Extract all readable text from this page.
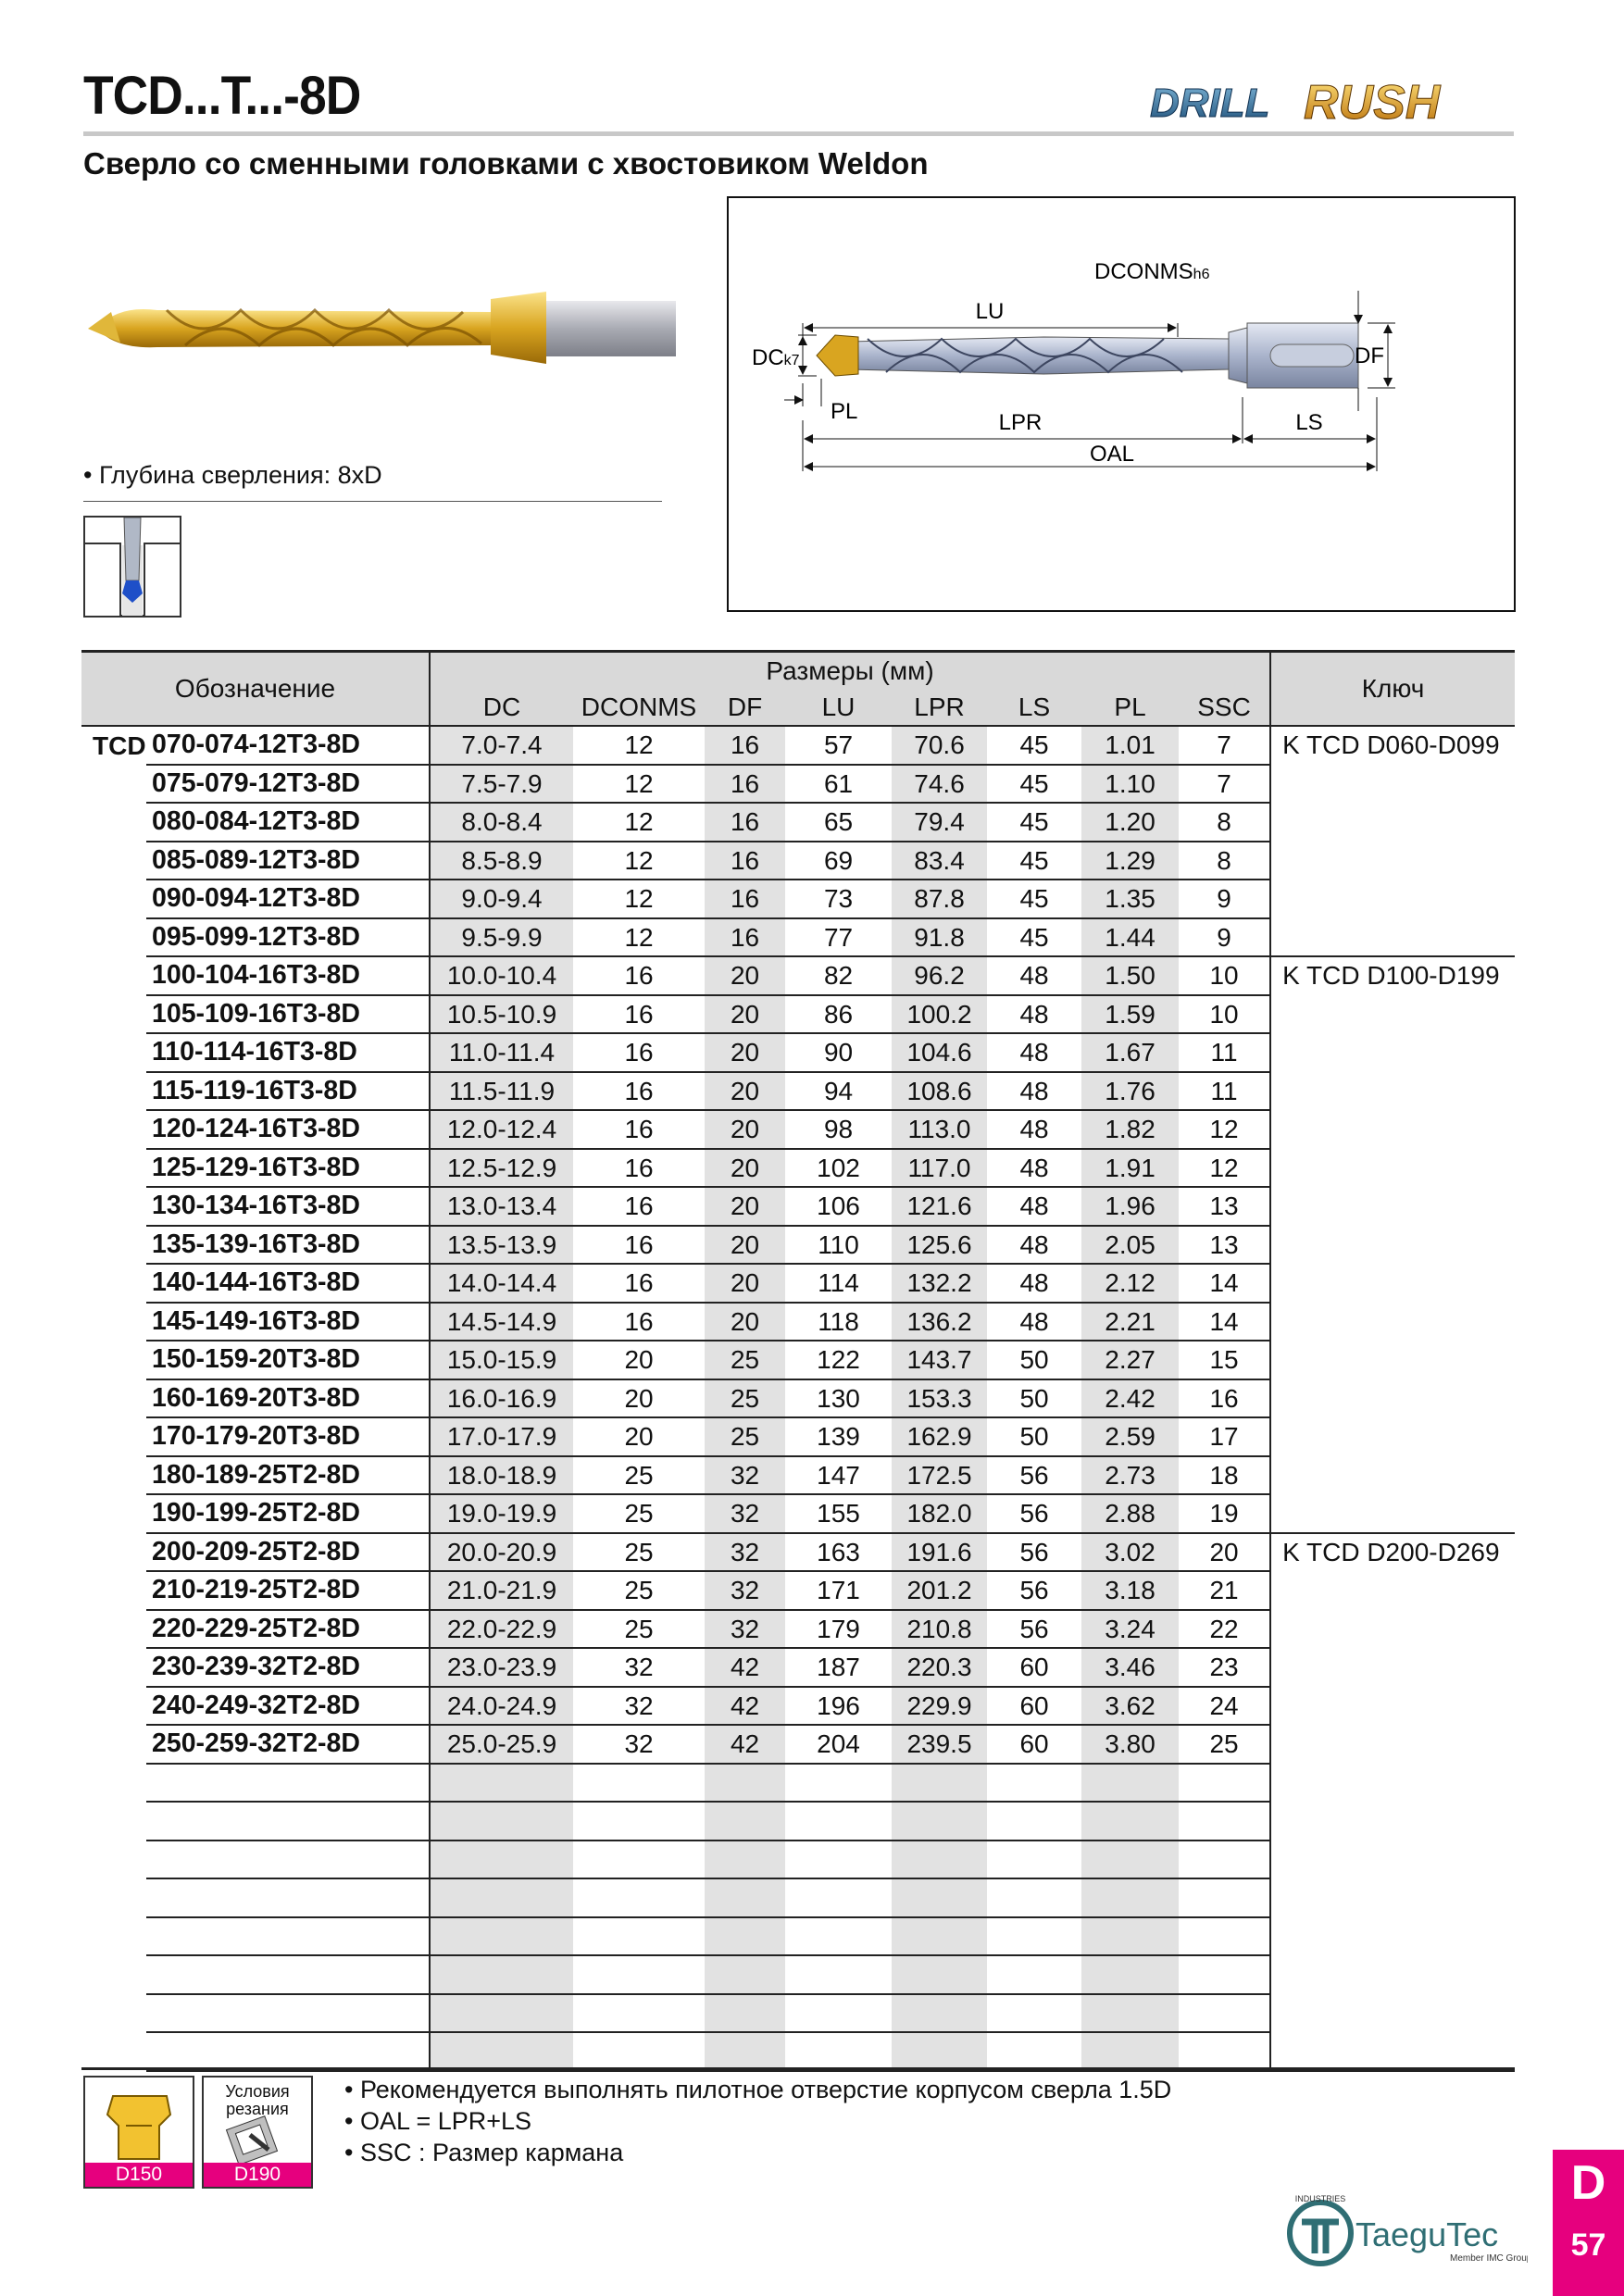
TCD...T...-8D
Сверло со сменными головками с хвостовиком Weldon
DRILL RUSH
• Глубина сверления: 8xD
LU
DCONMSh6
DF
DCk7
PL	LPR	LS
OAL
Обозначение		Размеры (мм)								Ключ
		DC	DCONMS	DF	LU	LPR	LS	PL	SSC	
TCD	070-074-12T3-8D	7.0-7.4	12	16	57	70.6	45	1.01	7	K TCD D060-D099
	075-079-12T3-8D	7.5-7.9	12	16	61	74.6	45	1.10	7	
	080-084-12T3-8D	8.0-8.4	12	16	65	79.4	45	1.20	8	
	085-089-12T3-8D	8.5-8.9	12	16	69	83.4	45	1.29	8	
	090-094-12T3-8D	9.0-9.4	12	16	73	87.8	45	1.35	9	
	095-099-12T3-8D	9.5-9.9	12	16	77	91.8	45	1.44	9	
	100-104-16T3-8D	10.0-10.4	16	20	82	96.2	48	1.50	10	K TCD D100-D199
	105-109-16T3-8D	10.5-10.9	16	20	86	100.2	48	1.59	10	
	110-114-16T3-8D	11.0-11.4	16	20	90	104.6	48	1.67	11	
	115-119-16T3-8D	11.5-11.9	16	20	94	108.6	48	1.76	11	
	120-124-16T3-8D	12.0-12.4	16	20	98	113.0	48	1.82	12	
	125-129-16T3-8D	12.5-12.9	16	20	102	117.0	48	1.91	12	
	130-134-16T3-8D	13.0-13.4	16	20	106	121.6	48	1.96	13	
	135-139-16T3-8D	13.5-13.9	16	20	110	125.6	48	2.05	13	
	140-144-16T3-8D	14.0-14.4	16	20	114	132.2	48	2.12	14	
	145-149-16T3-8D	14.5-14.9	16	20	118	136.2	48	2.21	14	
	150-159-20T3-8D	15.0-15.9	20	25	122	143.7	50	2.27	15	
	160-169-20T3-8D	16.0-16.9	20	25	130	153.3	50	2.42	16	
	170-179-20T3-8D	17.0-17.9	20	25	139	162.9	50	2.59	17	
	180-189-25T2-8D	18.0-18.9	25	32	147	172.5	56	2.73	18	
	190-199-25T2-8D	19.0-19.9	25	32	155	182.0	56	2.88	19	
	200-209-25T2-8D	20.0-20.9	25	32	163	191.6	56	3.02	20	K TCD D200-D269
	210-219-25T2-8D	21.0-21.9	25	32	171	201.2	56	3.18	21	
	220-229-25T2-8D	22.0-22.9	25	32	179	210.8	56	3.24	22	
	230-239-32T2-8D	23.0-23.9	32	42	187	220.3	60	3.46	23	
	240-249-32T2-8D	24.0-24.9	32	42	196	229.9	60	3.62	24	
	250-259-32T2-8D	25.0-25.9	32	42	204	239.5	60	3.80	25	

D150
Условия резания
D190
• Рекомендуется выполнять пилотное отверстие корпусом сверла 1.5D
• OAL = LPR+LS
• SSC : Размер кармана
INDUSTRIES
TaeguTec
Member IMC Group
D
57
